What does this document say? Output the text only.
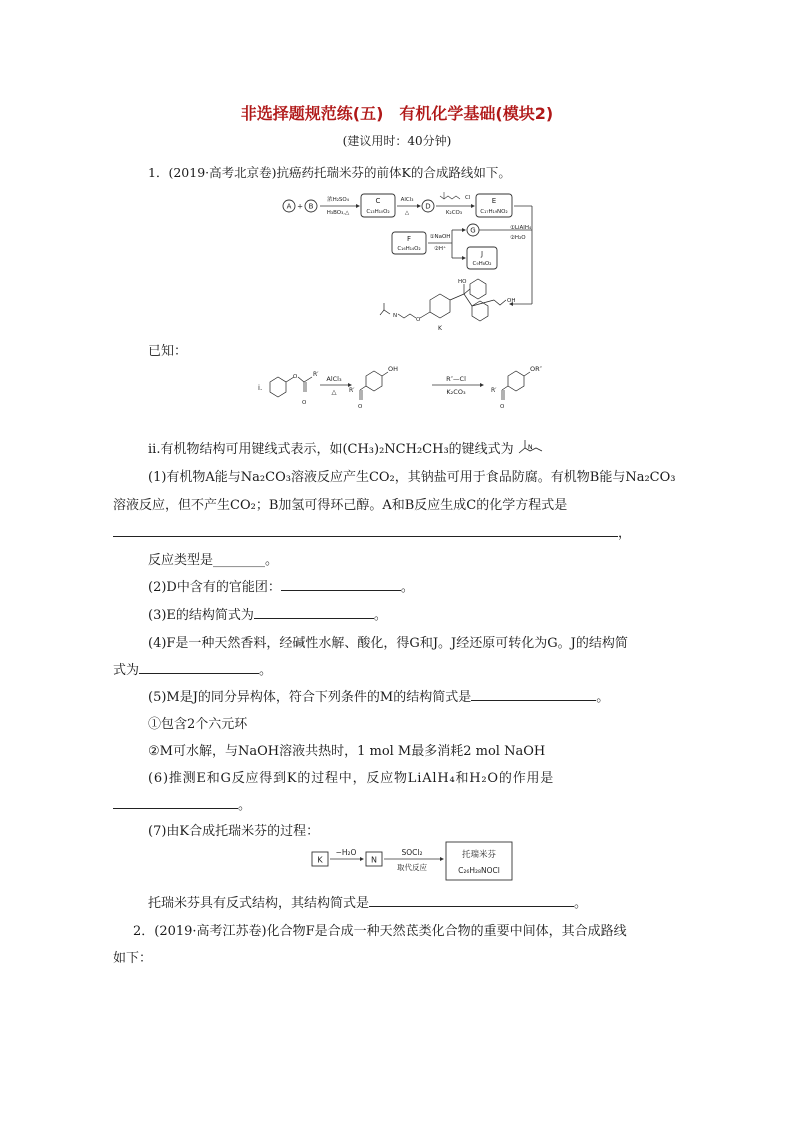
非选择题规范练(五)　有机化学基础(模块2)
(建议用时：40分钟)
1．(2019·高考北京卷)抗癌药托瑞米芬的前体K的合成路线如下。
A + B
浓H₂SO₄
H₃BO₃,△
C
C₁₃H₁₀O₂
AlCl₃
△
D
Cl
K₂CO₃
E
C₁₇H₁₉NO₂
①LiAlH₄
②H₂O
F
C₁₆H₁₄O₂
①NaOH
②H⁺
G
J
C₉H₈O₂
HO
OH
O
N
K
已知：
i.
O	R′
O
AlCl₃
△ R′
OH
O
R″—Cl
K₂CO₃	R′
OR″
O
ii.有机物结构可用键线式表示，如(CH₃)₂NCH₂CH₃的键线式为 N
(1)有机物A能与Na₂CO₃溶液反应产生CO₂，其钠盐可用于食品防腐。有机物B能与Na₂CO₃
溶液反应，但不产生CO₂；B加氢可得环己醇。A和B反应生成C的化学方程式是
，
反应类型是________。
(2)D中含有的官能团：	。
(3)E的结构简式为	。
(4)F是一种天然香料，经碱性水解、酸化，得G和J。J经还原可转化为G。J的结构简
式为	。
(5)M是J的同分异构体，符合下列条件的M的结构简式是	。
①包含2个六元环
②M可水解，与NaOH溶液共热时，1 mol M最多消耗2 mol NaOH
(6)推测E和G反应得到K的过程中，反应物LiAlH₄和H₂O的作用是
。
(7)由K合成托瑞米芬的过程：
K
−H₂O
N
SOCl₂
取代反应
托瑞米芬
C₂₆H₂₈NOCl
托瑞米芬具有反式结构，其结构简式是	。
2．(2019·高考江苏卷)化合物F是合成一种天然茋类化合物的重要中间体，其合成路线
如下：
